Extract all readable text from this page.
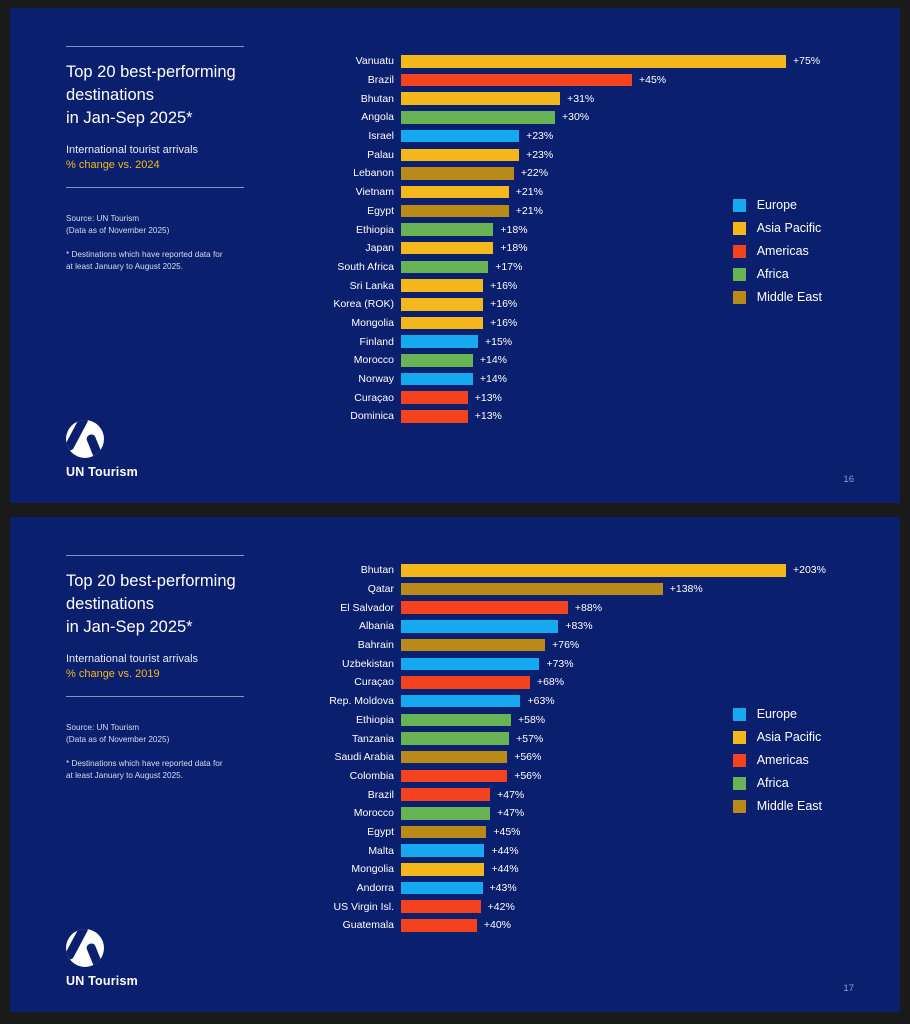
Top 20 best-performing
destinations
in Jan-Sep 2025*
International tourist arrivals
% change vs. 2024
Source: UN Tourism
(Data as of November 2025)
* Destinations which have reported data for
at least January to August 2025.
UN Tourism
Vanuatu	+75%
Brazil	+45%
Bhutan	+31%
Angola	+30%
Israel	+23%
Palau	+23%
Lebanon	+22%
Vietnam	+21%
Egypt	+21%
Ethiopia	+18%
Japan	+18%
South Africa	+17%
Sri Lanka	+16%
Korea (ROK)	+16%
Mongolia	+16%
Finland	+15%
Morocco	+14%
Norway	+14%
Curaçao	+13%
Dominica	+13%
Europe
Asia Pacific
Americas
Africa
Middle East
16
Top 20 best-performing
destinations
in Jan-Sep 2025*
International tourist arrivals
% change vs. 2019
Source: UN Tourism
(Data as of November 2025)
* Destinations which have reported data for
at least January to August 2025.
UN Tourism
Bhutan	+203%
Qatar	+138%
El Salvador	+88%
Albania	+83%
Bahrain	+76%
Uzbekistan	+73%
Curaçao	+68%
Rep. Moldova	+63%
Ethiopia	+58%
Tanzania	+57%
Saudi Arabia	+56%
Colombia	+56%
Brazil	+47%
Morocco	+47%
Egypt	+45%
Malta	+44%
Mongolia	+44%
Andorra	+43%
US Virgin Isl.	+42%
Guatemala	+40%
Europe
Asia Pacific
Americas
Africa
Middle East
17
